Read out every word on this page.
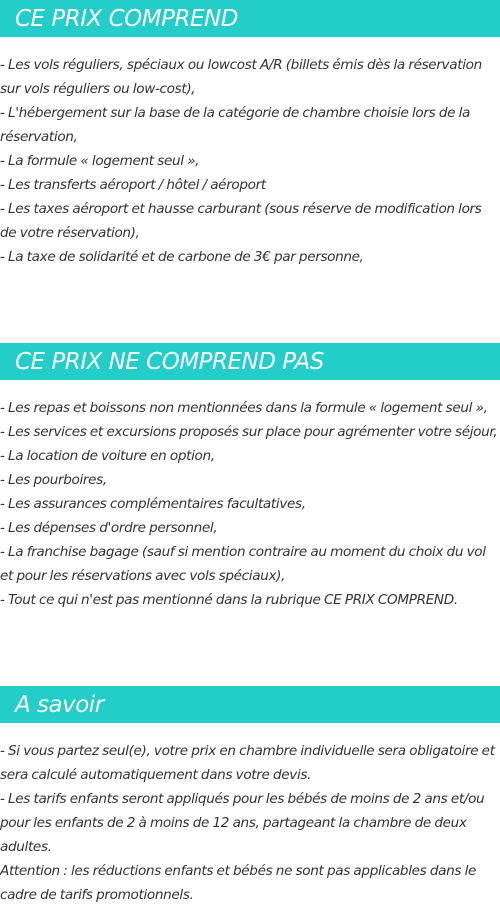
CE PRIX COMPREND
- Les vols réguliers, spéciaux ou lowcost A/R (billets émis dès la réservation sur vols réguliers ou low-cost),
- L'hébergement sur la base de la catégorie de chambre choisie lors de la réservation,
- La formule « logement seul »,
- Les transferts aéroport / hôtel / aéroport
- Les taxes aéroport et hausse carburant (sous réserve de modification lors de votre réservation),
- La taxe de solidarité et de carbone de 3€ par personne,
CE PRIX NE COMPREND PAS
- Les repas et boissons non mentionnées dans la formule « logement seul »,
- Les services et excursions proposés sur place pour agrémenter votre séjour,
- La location de voiture en option,
- Les pourboires,
- Les assurances complémentaires facultatives,
- Les dépenses d'ordre personnel,
- La franchise bagage (sauf si mention contraire au moment du choix du vol et pour les réservations avec vols spéciaux),
- Tout ce qui n'est pas mentionné dans la rubrique CE PRIX COMPREND.
A savoir
- Si vous partez seul(e), votre prix en chambre individuelle sera obligatoire et sera calculé automatiquement dans votre devis.
- Les tarifs enfants seront appliqués pour les bébés de moins de 2 ans et/ou pour les enfants de 2 à moins de 12 ans, partageant la chambre de deux adultes.
Attention : les réductions enfants et bébés ne sont pas applicables dans le cadre de tarifs promotionnels.
